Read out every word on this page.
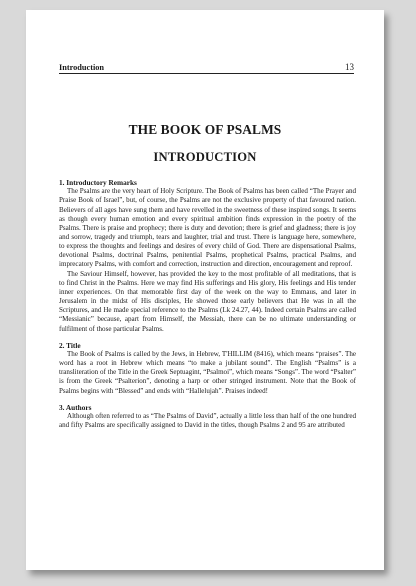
Introduction	13
THE BOOK OF PSALMS
INTRODUCTION
1. Introductory Remarks

The Psalms are the very heart of Holy Scripture. The Book of Psalms has been called “The Prayer and Praise Book of Israel”, but, of course, the Psalms are not the exclusive property of that favoured nation. Believers of all ages have sung them and have revelled in the sweetness of these inspired songs. It seems as though every human emotion and every spiritual ambition finds expression in the poetry of the Psalms. There is praise and prophecy; there is duty and devotion; there is grief and gladness; there is joy and sorrow, tragedy and triumph, tears and laughter, trial and trust. There is language here, somewhere, to express the thoughts and feelings and desires of every child of God. There are dispensational Psalms, devotional Psalms, doctrinal Psalms, penitential Psalms, prophetical Psalms, practical Psalms, and imprecatory Psalms, with comfort and correction, instruction and direction, encouragement and reproof.

The Saviour Himself, however, has provided the key to the most profitable of all meditations, that is to find Christ in the Psalms. Here we may find His sufferings and His glory, His feelings and His tender inner experiences. On that memorable first day of the week on the way to Emmaus, and later in Jerusalem in the midst of His disciples, He showed those early believers that He was in all the Scriptures, and He made special reference to the Psalms (Lk 24.27, 44). Indeed certain Psalms are called “Messianic” because, apart from Himself, the Messiah, there can be no ultimate understanding or fulfilment of those particular Psalms.

2. Title

The Book of Psalms is called by the Jews, in Hebrew, T'HILLIM (8416), which means “praises”. The word has a root in Hebrew which means “to make a jubilant sound”. The English “Psalms” is a transliteration of the Title in the Greek Septuagint, “Psalmoi”, which means “Songs”. The word “Psalter” is from the Greek “Psalterion”, denoting a harp or other stringed instrument. Note that the Book of Psalms begins with “Blessed” and ends with “Hallelujah”. Praises indeed!

3. Authors

Although often referred to as “The Psalms of David”, actually a little less than half of the one hundred and fifty Psalms are specifically assigned to David in the titles, though Psalms 2 and 95 are attributed
